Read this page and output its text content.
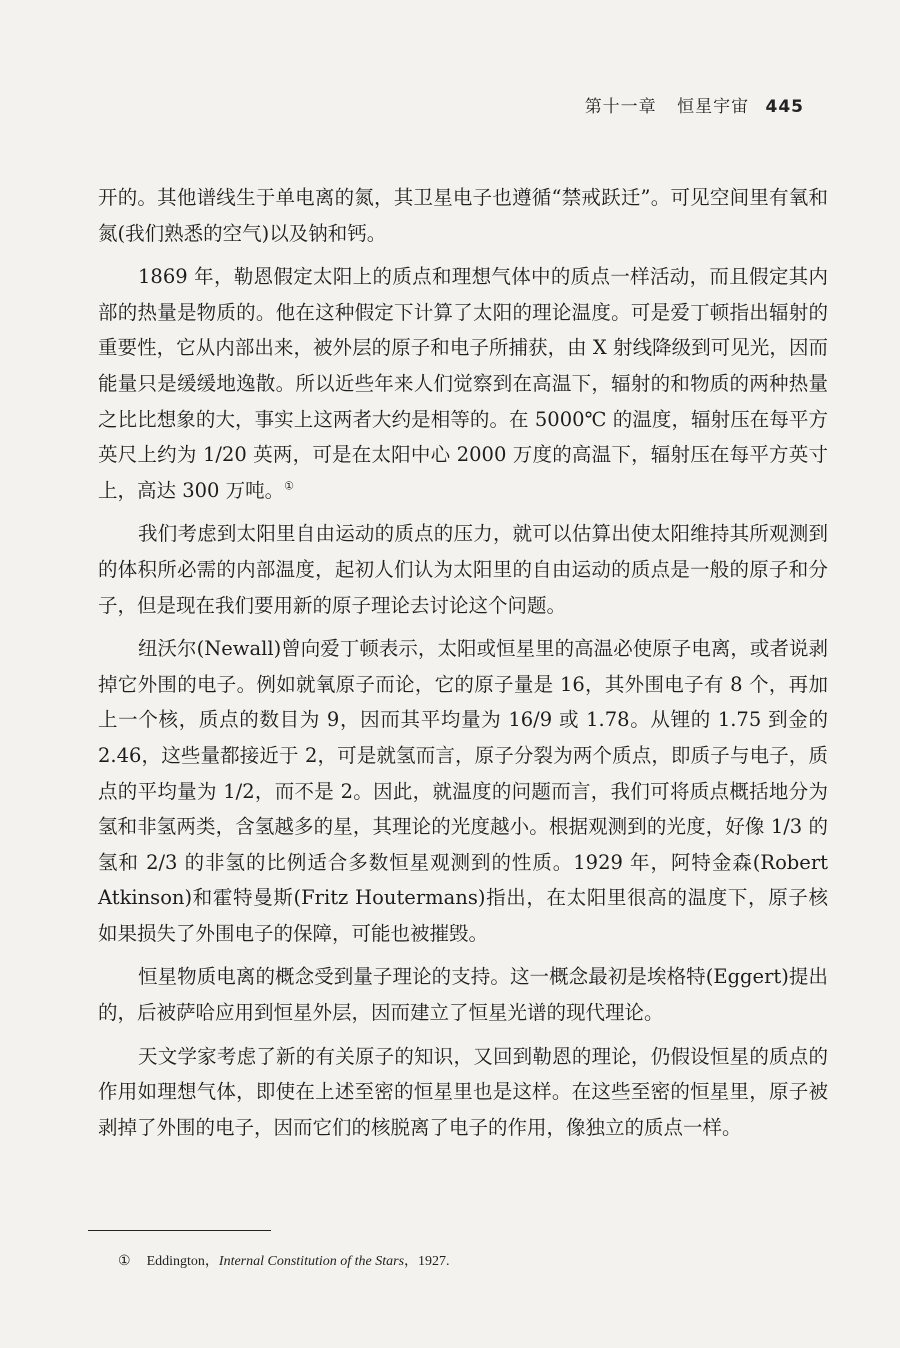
第十一章 恒星宇宙 445

开的。其他谱线生于单电离的氮，其卫星电子也遵循“禁戒跃迁”。可见空间里有氧和氮(我们熟悉的空气)以及钠和钙。

1869 年，勒恩假定太阳上的质点和理想气体中的质点一样活动，而且假定其内部的热量是物质的。他在这种假定下计算了太阳的理论温度。可是爱丁顿指出辐射的重要性，它从内部出来，被外层的原子和电子所捕获，由 X 射线降级到可见光，因而能量只是缓缓地逸散。所以近些年来人们觉察到在高温下，辐射的和物质的两种热量之比比想象的大，事实上这两者大约是相等的。在 5000℃ 的温度，辐射压在每平方英尺上约为 1/20 英两，可是在太阳中心 2000 万度的高温下，辐射压在每平方英寸上，高达 300 万吨。①

我们考虑到太阳里自由运动的质点的压力，就可以估算出使太阳维持其所观测到的体积所必需的内部温度，起初人们认为太阳里的自由运动的质点是一般的原子和分子，但是现在我们要用新的原子理论去讨论这个问题。

纽沃尔(Newall)曾向爱丁顿表示，太阳或恒星里的高温必使原子电离，或者说剥掉它外围的电子。例如就氧原子而论，它的原子量是 16，其外围电子有 8 个，再加上一个核，质点的数目为 9，因而其平均量为 16/9 或 1.78。从锂的 1.75 到金的 2.46，这些量都接近于 2，可是就氢而言，原子分裂为两个质点，即质子与电子，质点的平均量为 1/2，而不是 2。因此，就温度的问题而言，我们可将质点概括地分为氢和非氢两类，含氢越多的星，其理论的光度越小。根据观测到的光度，好像 1/3 的氢和 2/3 的非氢的比例适合多数恒星观测到的性质。1929 年，阿特金森(Robert Atkinson)和霍特曼斯(Fritz Houtermans)指出，在太阳里很高的温度下，原子核如果损失了外围电子的保障，可能也被摧毁。

恒星物质电离的概念受到量子理论的支持。这一概念最初是埃格特(Eggert)提出的，后被萨哈应用到恒星外层，因而建立了恒星光谱的现代理论。

天文学家考虑了新的有关原子的知识，又回到勒恩的理论，仍假设恒星的质点的作用如理想气体，即使在上述至密的恒星里也是这样。在这些至密的恒星里，原子被剥掉了外围的电子，因而它们的核脱离了电子的作用，像独立的质点一样。

① Eddington，Internal Constitution of the Stars，1927.
